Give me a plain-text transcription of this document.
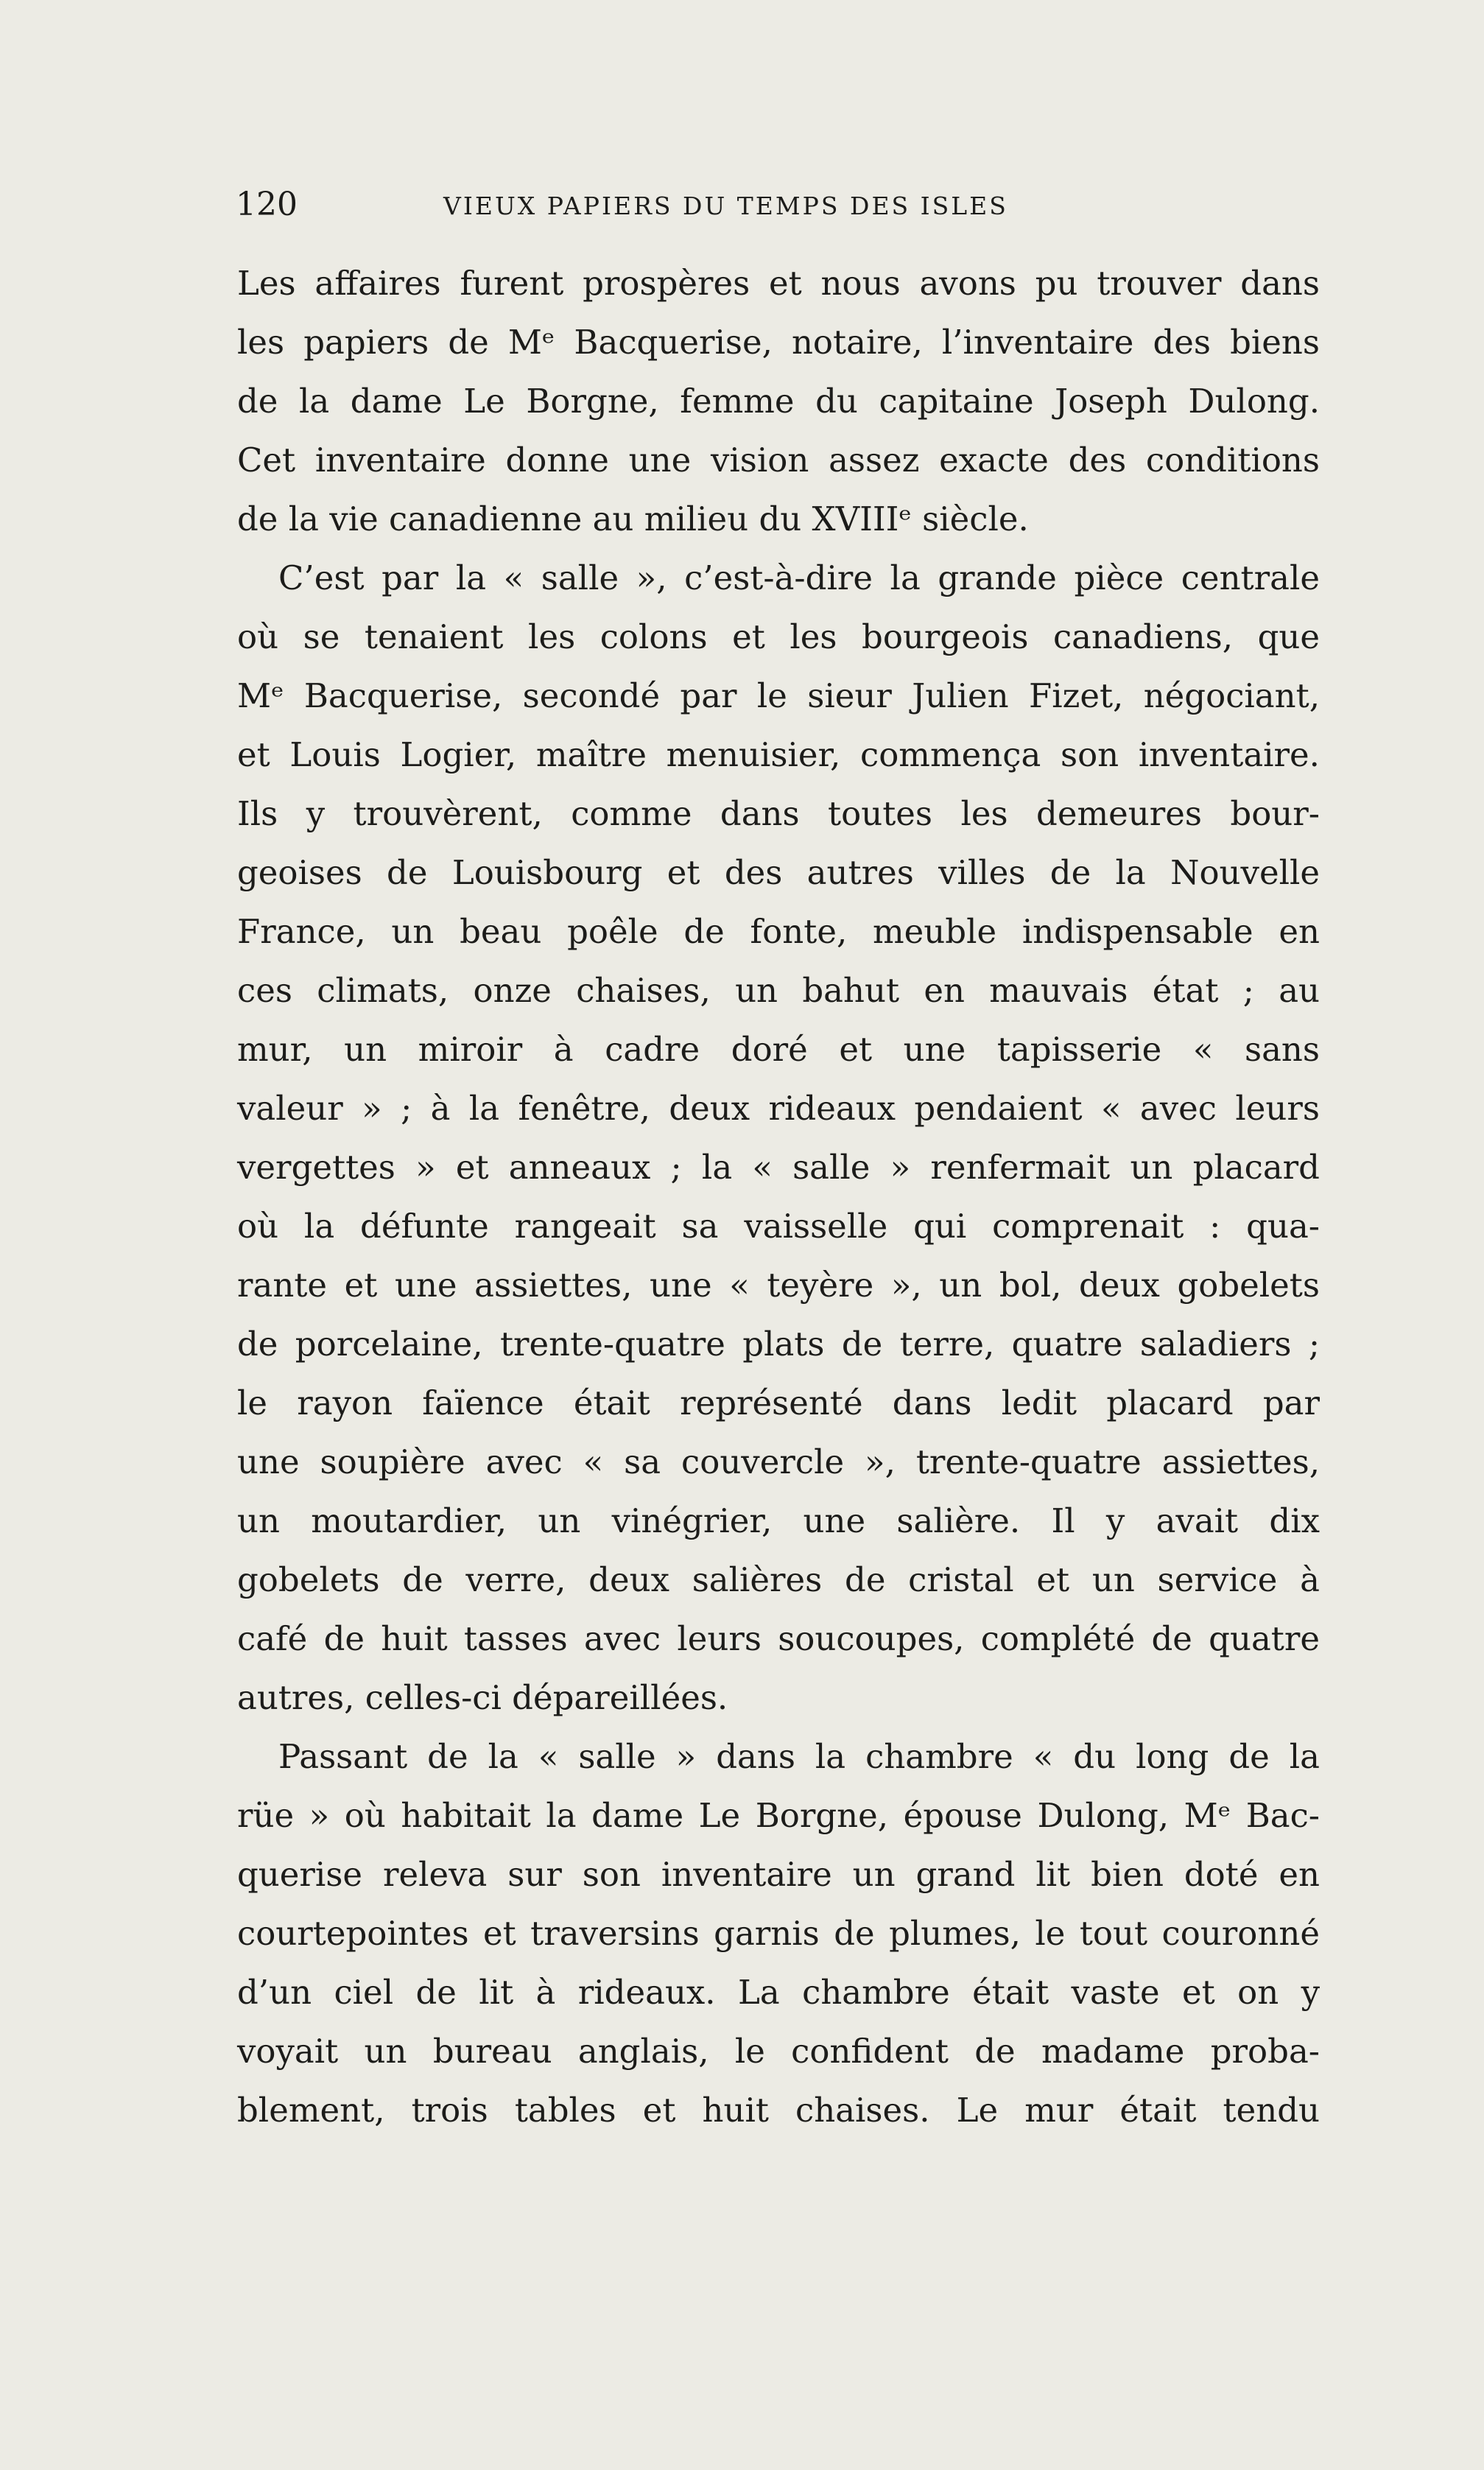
120	VIEUX PAPIERS DU TEMPS DES ISLES
Les affaires furent prospères et nous avons pu trouver dans
les papiers de Mᵉ Bacquerise, notaire, l’inventaire des biens
de la dame Le Borgne, femme du capitaine Joseph Dulong.
Cet inventaire donne une vision assez exacte des conditions
de la vie canadienne au milieu du XVIIIᵉ siècle.
C’est par la « salle », c’est-à-dire la grande pièce centrale
où se tenaient les colons et les bourgeois canadiens, que
Mᵉ Bacquerise, secondé par le sieur Julien Fizet, négociant,
et Louis Logier, maître menuisier, commença son inventaire.
Ils y trouvèrent, comme dans toutes les demeures bour-
geoises de Louisbourg et des autres villes de la Nouvelle
France, un beau poêle de fonte, meuble indispensable en
ces climats, onze chaises, un bahut en mauvais état ; au
mur, un miroir à cadre doré et une tapisserie « sans
valeur » ; à la fenêtre, deux rideaux pendaient « avec leurs
vergettes » et anneaux ; la « salle » renfermait un placard
où la défunte rangeait sa vaisselle qui comprenait : qua-
rante et une assiettes, une « teyère », un bol, deux gobelets
de porcelaine, trente-quatre plats de terre, quatre saladiers ;
le rayon faïence était représenté dans ledit placard par
une soupière avec « sa couvercle », trente-quatre assiettes,
un moutardier, un vinégrier, une salière. Il y avait dix
gobelets de verre, deux salières de cristal et un service à
café de huit tasses avec leurs soucoupes, complété de quatre
autres, celles-ci dépareillées.
Passant de la « salle » dans la chambre « du long de la
rüe » où habitait la dame Le Borgne, épouse Dulong, Mᵉ Bac-
querise releva sur son inventaire un grand lit bien doté en
courtepointes et traversins garnis de plumes, le tout couronné
d’un ciel de lit à rideaux. La chambre était vaste et on y
voyait un bureau anglais, le confident de madame proba-
blement, trois tables et huit chaises. Le mur était tendu
